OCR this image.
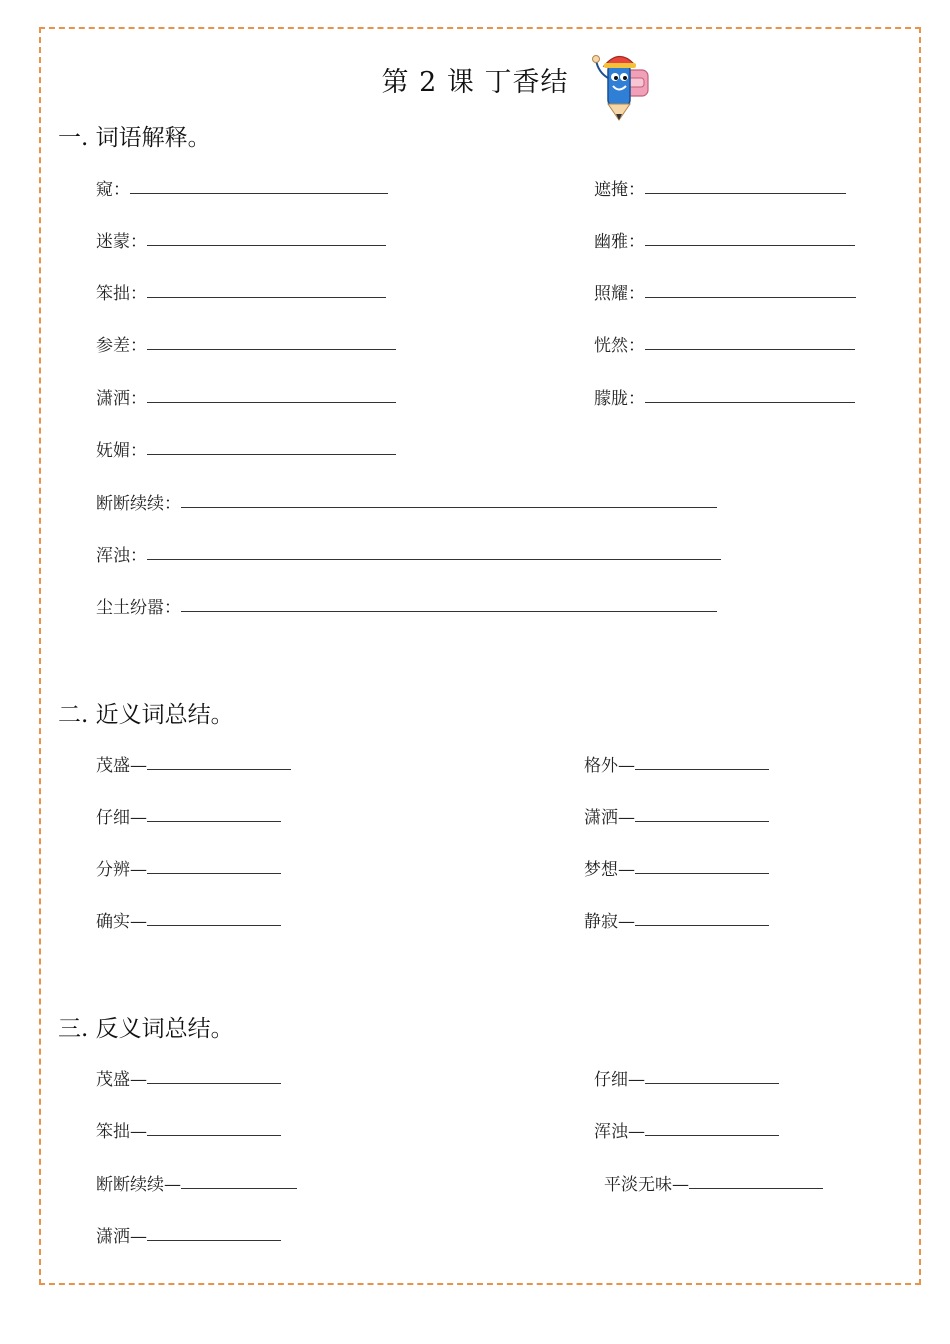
第 2 课 丁香结
一. 词语解释。
窥：
迷蒙：
笨拙：
参差：
潇洒：
妩媚：
遮掩：
幽雅：
照耀：
恍然：
朦胧：
断断续续：
浑浊：
尘土纷嚣：
二. 近义词总结。
茂盛—
仔细—
分辨—
确实—
格外—
潇洒—
梦想—
静寂—
三. 反义词总结。
茂盛—
笨拙—
断断续续—
潇洒—
仔细—
浑浊—
平淡无味—
